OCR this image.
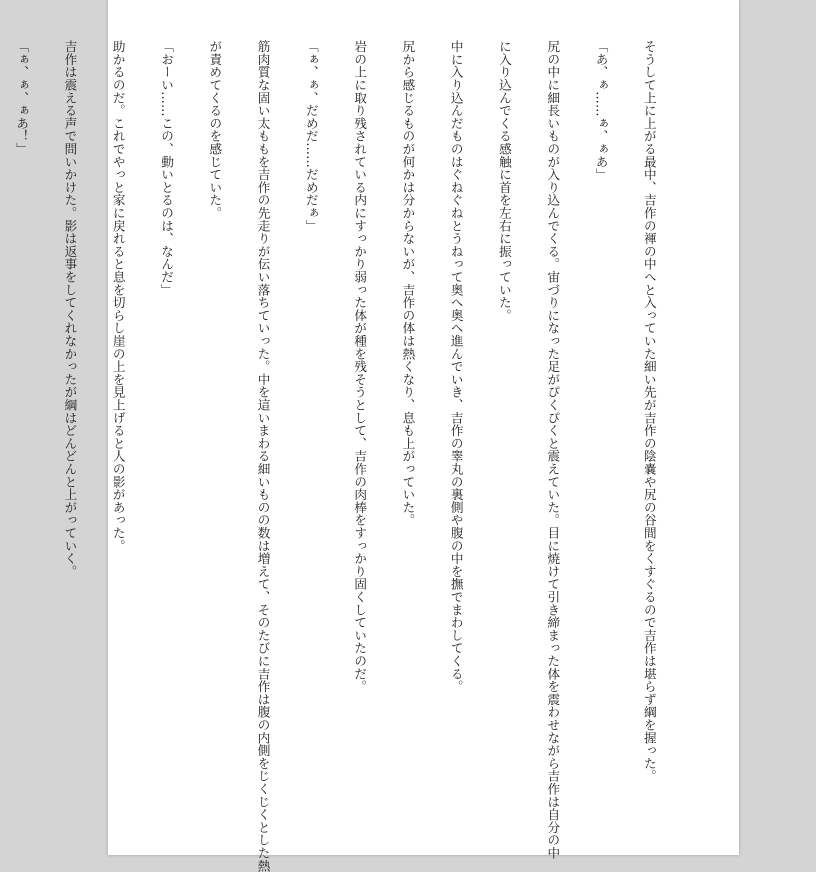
そうして上に上がる最中、吉作の褌の中へと入っていた細い先が吉作の陰嚢や尻の谷間をくすぐるので吉作は堪らず綱を握った。

「あ、ぁ……ぁ、ぁあ」

尻の中に細長いものが入り込んでくる。宙づりになった足がぴくぴくと震えていた。目に焼けて引き締まった体を震わせながら吉作は自分の中

に入り込んでくる感触に首を左右に振っていた。

中に入り込んだものはぐねぐねとうねって奥へ奥へ進んでいき、吉作の睾丸の裏側や腹の中を撫でまわしてくる。

尻から感じるものが何かは分からないが、吉作の体は熱くなり、息も上がっていた。

岩の上に取り残されている内にすっかり弱った体が種を残そうとして、吉作の肉棒をすっかり固くしていたのだ。

「ぁ、ぁ、だめだ……だめだぁ」

筋肉質な固い太ももを吉作の先走りが伝い落ちていった。中を這いまわる細いものの数は増えて、そのたびに吉作は腹の内側をじくじくとした熱

が責めてくるのを感じていた。

「おーい……この、動いとるのは、なんだ」

助かるのだ。これでやっと家に戻れると息を切らし崖の上を見上げると人の影があった。

吉作は震える声で問いかけた。影は返事をしてくれなかったが綱はどんどんと上がっていく。

「ぁ、ぁ、ぁあ！」
